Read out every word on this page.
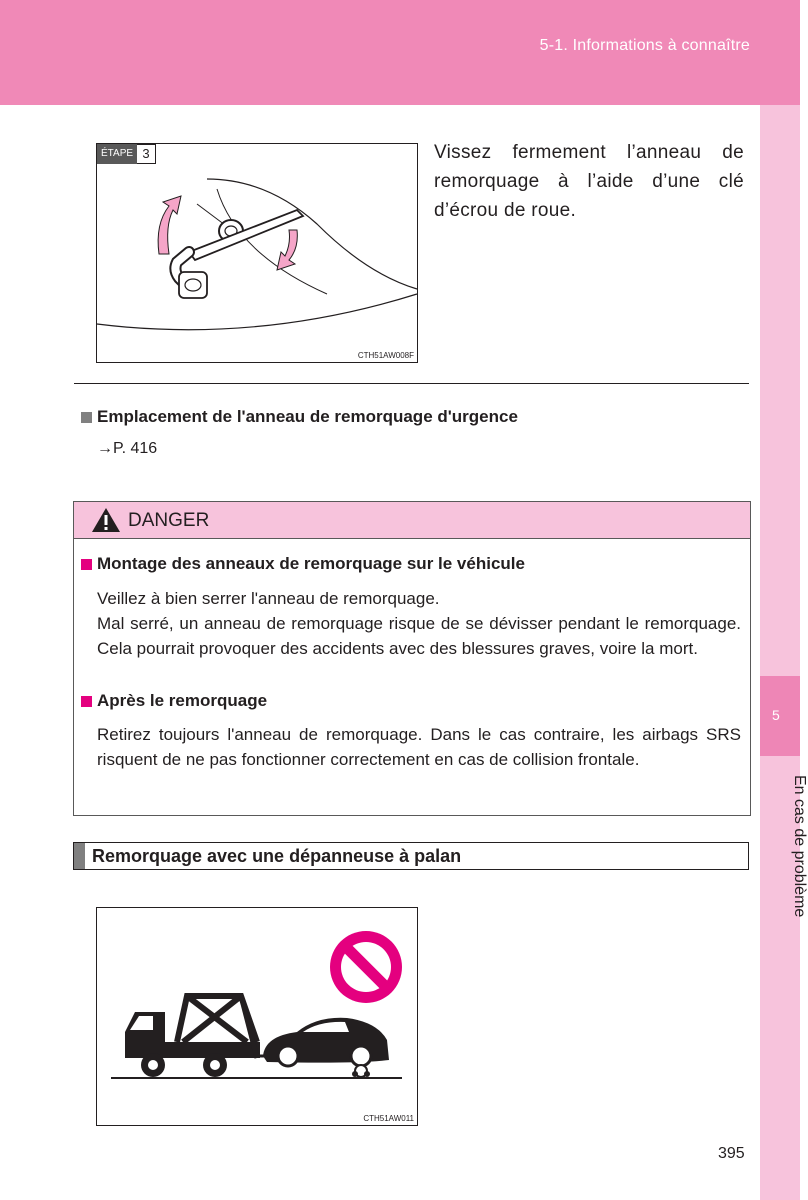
5-1. Informations à connaître
5
En cas de problème
ÉTAPE 3
CTH51AW008F
Vissez fermement l’anneau de remorquage à l’aide d’une clé d’écrou de roue.
Emplacement de l'anneau de remorquage d'urgence
→P. 416
DANGER
Montage des anneaux de remorquage sur le véhicule
Veillez à bien serrer l'anneau de remorquage.
Mal serré, un anneau de remorquage risque de se dévisser pendant le remorquage. Cela pourrait provoquer des accidents avec des blessures graves, voire la mort.
Après le remorquage
Retirez toujours l'anneau de remorquage. Dans le cas contraire, les airbags SRS risquent de ne pas fonctionner correctement en cas de collision frontale.
Remorquage avec une dépanneuse à palan
CTH51AW011
395
